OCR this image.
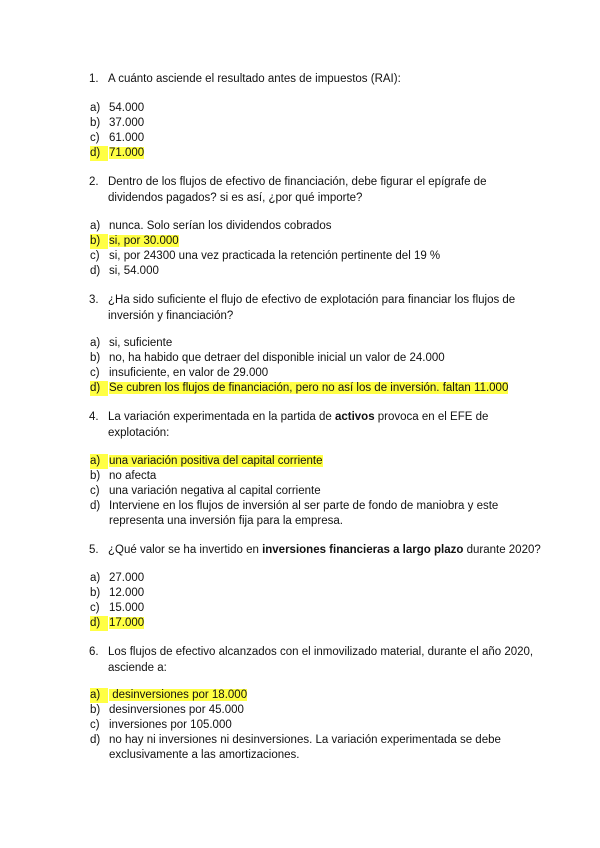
1. A cuánto asciende el resultado antes de impuestos (RAI):
a) 54.000
b) 37.000
c) 61.000
d) 71.000
2. Dentro de los flujos de efectivo de financiación, debe figurar el epígrafe de dividendos pagados? si es así, ¿por qué importe?
a) nunca. Solo serían los dividendos cobrados
b) si, por 30.000
c) si, por 24300 una vez practicada la retención pertinente del 19 %
d) si, 54.000
3. ¿Ha sido suficiente el flujo de efectivo de explotación para financiar los flujos de inversión y financiación?
a) si, suficiente
b) no, ha habido que detraer del disponible inicial un valor de 24.000
c) insuficiente, en valor de 29.000
d) Se cubren los flujos de financiación, pero no así los de inversión. faltan 11.000
4. La variación experimentada en la partida de activos provoca en el EFE de explotación:
a) una variación positiva del capital corriente
b) no afecta
c) una variación negativa al capital corriente
d) Interviene en los flujos de inversión al ser parte de fondo de maniobra y este representa una inversión fija para la empresa.
5. ¿Qué valor se ha invertido en inversiones financieras a largo plazo durante 2020?
a) 27.000
b) 12.000
c) 15.000
d) 17.000
6. Los flujos de efectivo alcanzados con el inmovilizado material, durante el año 2020, asciende a:
a) desinversiones por 18.000
b) desinversiones por 45.000
c) inversiones por 105.000
d) no hay ni inversiones ni desinversiones. La variación experimentada se debe exclusivamente a las amortizaciones.
